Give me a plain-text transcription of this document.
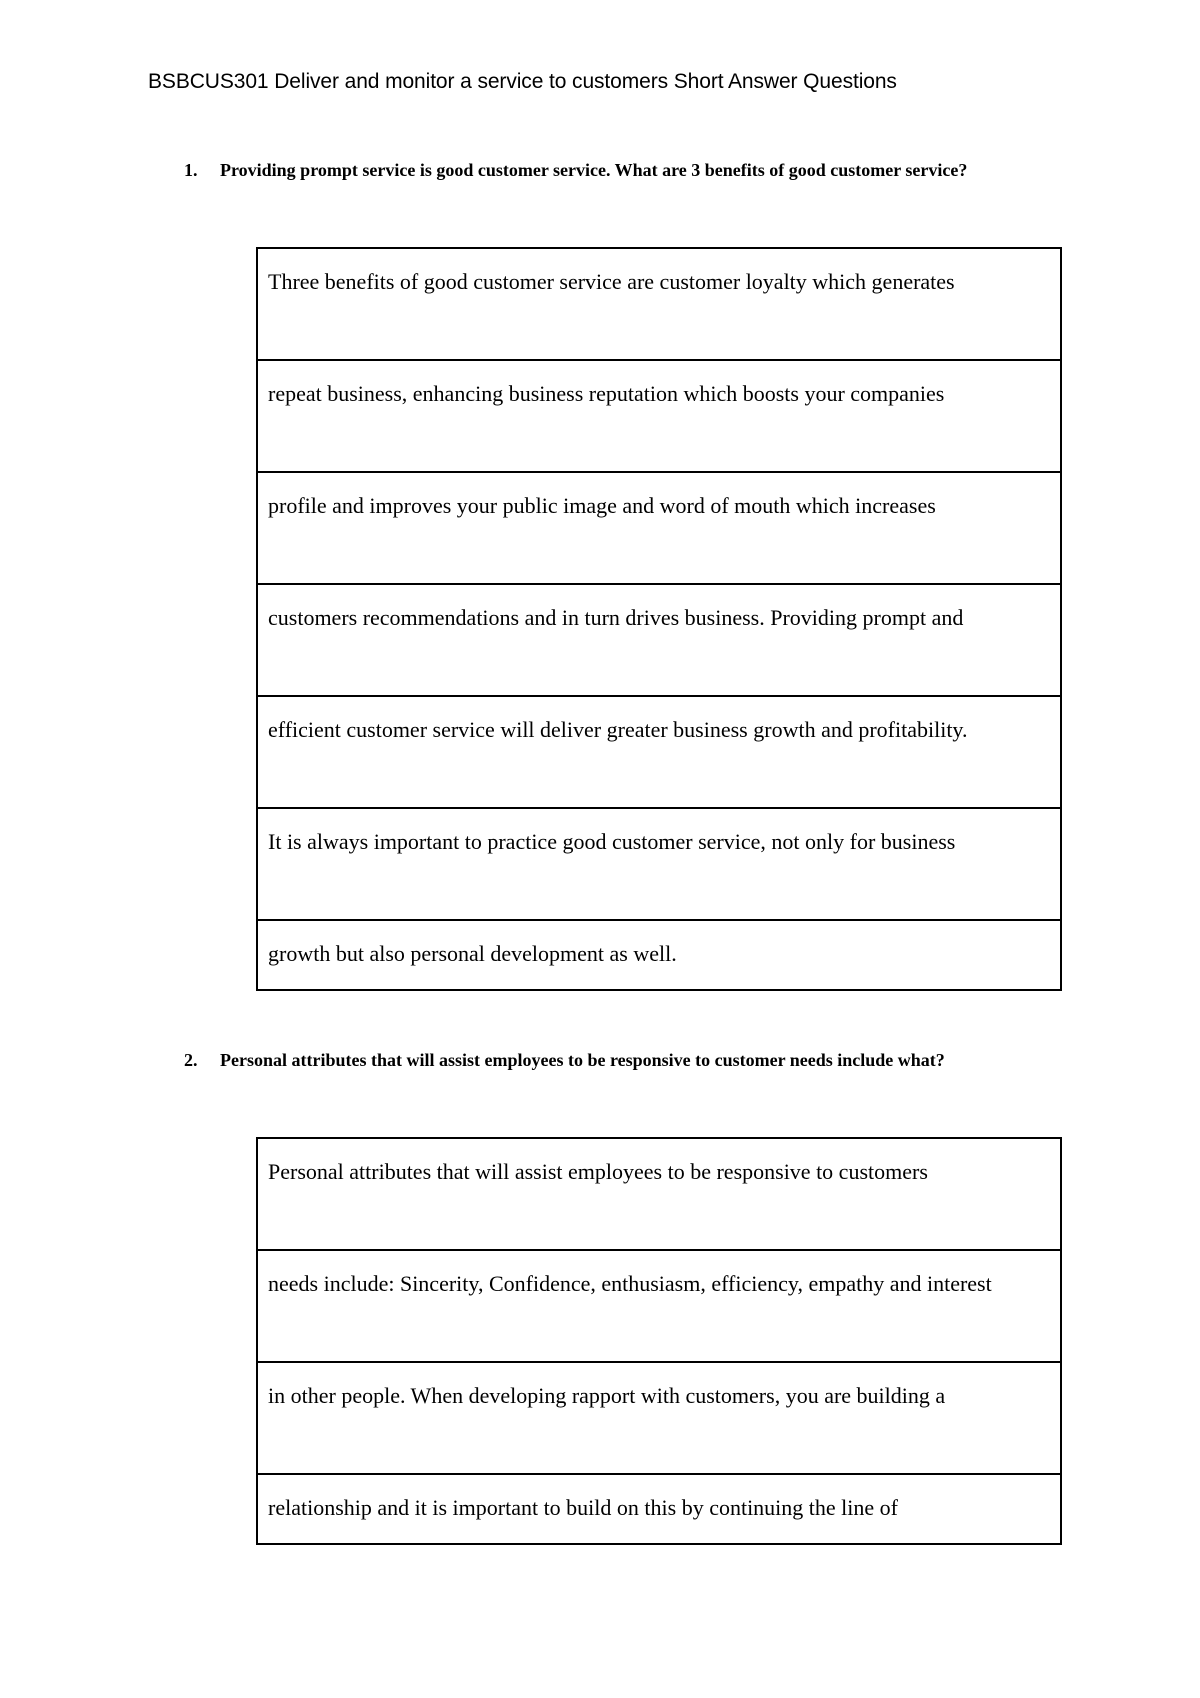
BSBCUS301 Deliver and monitor a service to customers Short Answer Questions
1.	Providing prompt service is good customer service. What are 3 benefits of good customer service?
Three benefits of good customer service are customer loyalty which generates
repeat business, enhancing business reputation which boosts your companies
profile and improves your public image and word of mouth which increases
customers recommendations and in turn drives business. Providing prompt and
efficient customer service will deliver greater business growth and profitability.
It is always important to practice good customer service, not only for business
growth but also personal development as well.
2.	Personal attributes that will assist employees to be responsive to customer needs include what?
Personal attributes that will assist employees to be responsive to customers
needs include: Sincerity, Confidence, enthusiasm, efficiency, empathy and interest
in other people. When developing rapport with customers, you are building a
relationship and it is important to build on this by continuing the line of
